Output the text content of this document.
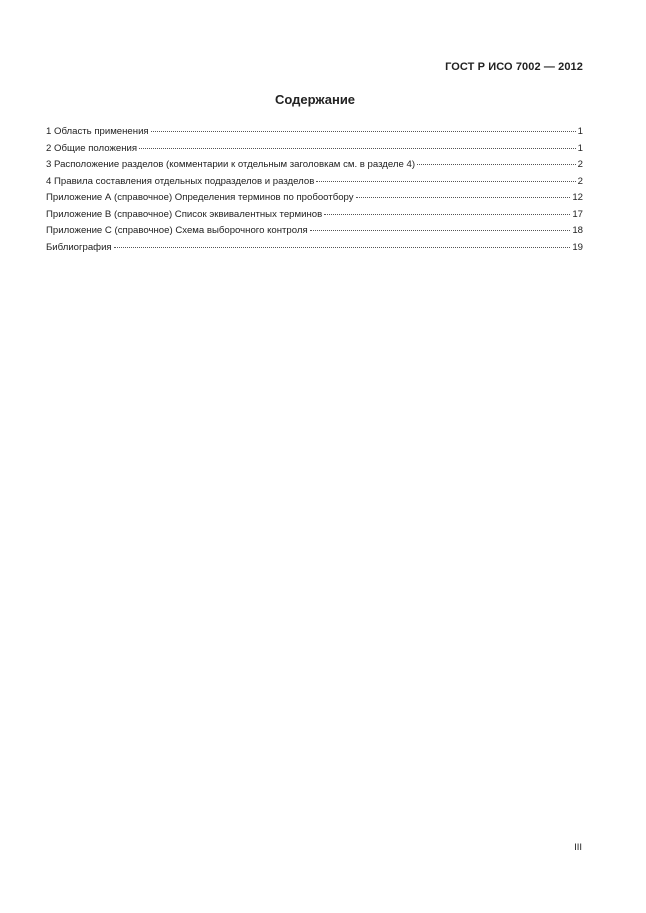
ГОСТ Р ИСО 7002 — 2012
Содержание
1 Область применения	1
2 Общие положения	1
3 Расположение разделов (комментарии к отдельным заголовкам см. в разделе 4)	2
4 Правила составления отдельных подразделов и разделов	2
Приложение А (справочное) Определения терминов по пробоотбору	12
Приложение В (справочное) Список эквивалентных терминов	17
Приложение С (справочное) Схема выборочного контроля	18
Библиография	19
III
